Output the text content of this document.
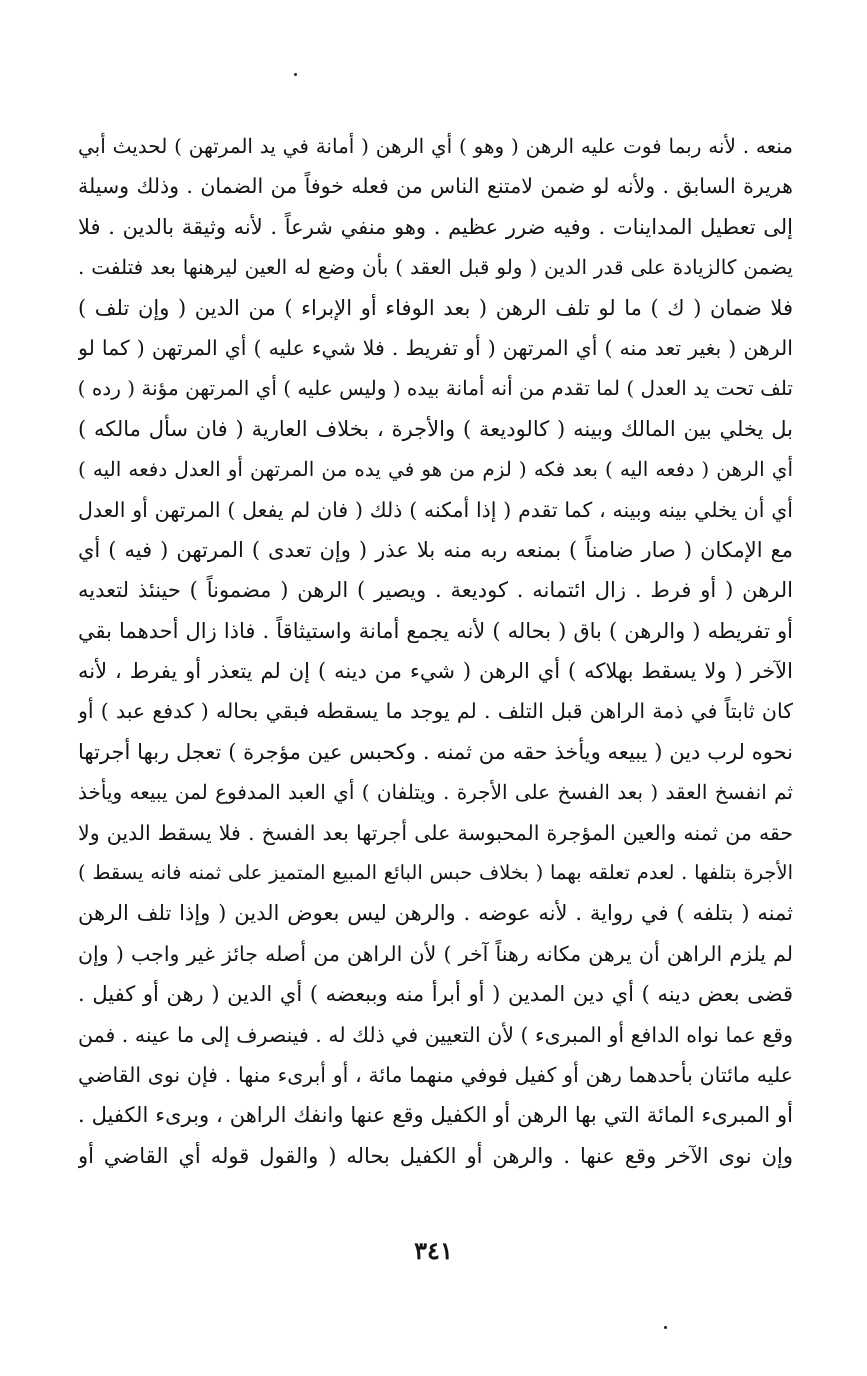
منعه . لأنه ربما فوت عليه الرهن ( وهو ) أي الرهن ( أمانة في يد المرتهن ) لحديث أبي
هريرة السابق . ولأنه لو ضمن لامتنع الناس من فعله خوفاً من الضمان . وذلك وسيلة
إلى تعطيل المداينات . وفيه ضرر عظيم . وهو منفي شرعاً . لأنه وثيقة بالدين . فلا
يضمن كالزيادة على قدر الدين ( ولو قبل العقد ) بأن وضع له العين ليرهنها بعد فتلفت .
فلا ضمان ( ك ) ما لو تلف الرهن ( بعد الوفاء أو الإبراء ) من الدين ( وإن تلف )
الرهن ( بغير تعد منه ) أي المرتهن ( أو تفريط . فلا شيء عليه ) أي المرتهن ( كما لو
تلف تحت يد العدل ) لما تقدم من أنه أمانة بيده ( وليس عليه ) أي المرتهن مؤنة ( رده )
بل يخلي بين المالك وبينه ( كالوديعة ) والأجرة ، بخلاف العارية ( فان سأل مالكه )
أي الرهن ( دفعه اليه ) بعد فكه ( لزم من هو في يده من المرتهن أو العدل دفعه اليه )
أي أن يخلي بينه وبينه ، كما تقدم ( إذا أمكنه ) ذلك ( فان لم يفعل ) المرتهن أو العدل
مع الإمكان ( صار ضامناً ) بمنعه ربه منه بلا عذر ( وإن تعدى ) المرتهن ( فيه ) أي
الرهن ( أو فرط . زال ائتمانه . كوديعة . ويصير ) الرهن ( مضموناً ) حينئذ لتعديه
أو تفريطه ( والرهن ) باق ( بحاله ) لأنه يجمع أمانة واستيثاقاً . فاذا زال أحدهما بقي
الآخر ( ولا يسقط بهلاكه ) أي الرهن ( شيء من دينه ) إن لم يتعذر أو يفرط ، لأنه
كان ثابتاً في ذمة الراهن قبل التلف . لم يوجد ما يسقطه فبقي بحاله ( كدفع عبد ) أو
نحوه لرب دين ( يبيعه ويأخذ حقه من ثمنه . وكحبس عين مؤجرة ) تعجل ربها أجرتها
ثم انفسخ العقد ( بعد الفسخ على الأجرة . ويتلفان ) أي العبد المدفوع لمن يبيعه ويأخذ
حقه من ثمنه والعين المؤجرة المحبوسة على أجرتها بعد الفسخ . فلا يسقط الدين ولا
الأجرة بتلفها . لعدم تعلقه بهما ( بخلاف حبس البائع المبيع المتميز على ثمنه فانه يسقط )
ثمنه ( بتلفه ) في رواية . لأنه عوضه . والرهن ليس بعوض الدين ( وإذا تلف الرهن
لم يلزم الراهن أن يرهن مكانه رهناً آخر ) لأن الراهن من أصله جائز غير واجب ( وإن
قضى بعض دينه ) أي دين المدين ( أو أبرأ منه وببعضه ) أي الدين ( رهن أو كفيل .
وقع عما نواه الدافع أو المبرىء ) لأن التعيين في ذلك له . فينصرف إلى ما عينه . فمن
عليه مائتان بأحدهما رهن أو كفيل فوفي منهما مائة ، أو أبرىء منها . فإن نوى القاضي
أو المبرىء المائة التي بها الرهن أو الكفيل وقع عنها وانفك الراهن ، وبرىء الكفيل .
وإن نوى الآخر وقع عنها . والرهن أو الكفيل بحاله ( والقول قوله أي القاضي أو
٣٤١
